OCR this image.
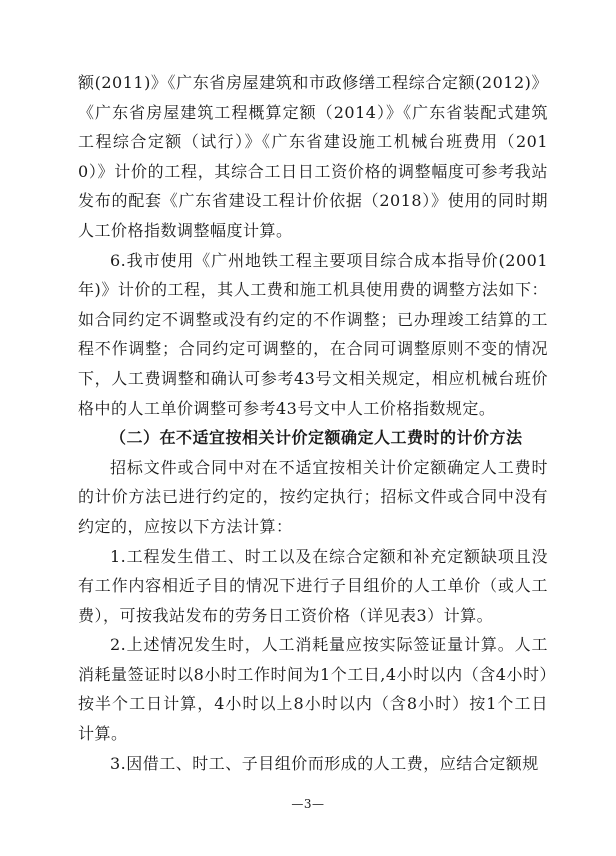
额(2011)》《广东省房屋建筑和市政修缮工程综合定额(2012)》《广东省房屋建筑工程概算定额（2014）》《广东省装配式建筑工程综合定额（试行）》《广东省建设施工机械台班费用（2010）》计价的工程，其综合工日日工资价格的调整幅度可参考我站发布的配套《广东省建设工程计价依据（2018）》使用的同时期人工价格指数调整幅度计算。

6.我市使用《广州地铁工程主要项目综合成本指导价(2001年)》计价的工程，其人工费和施工机具使用费的调整方法如下：如合同约定不调整或没有约定的不作调整；已办理竣工结算的工程不作调整；合同约定可调整的，在合同可调整原则不变的情况下，人工费调整和确认可参考43号文相关规定，相应机械台班价格中的人工单价调整可参考43号文中人工价格指数规定。

（二）在不适宜按相关计价定额确定人工费时的计价方法

招标文件或合同中对在不适宜按相关计价定额确定人工费时的计价方法已进行约定的，按约定执行；招标文件或合同中没有约定的，应按以下方法计算：

1.工程发生借工、时工以及在综合定额和补充定额缺项且没有工作内容相近子目的情况下进行子目组价的人工单价（或人工费），可按我站发布的劳务日工资价格（详见表3）计算。

2.上述情况发生时，人工消耗量应按实际签证量计算。人工消耗量签证时以8小时工作时间为1个工日,4小时以内（含4小时）按半个工日计算，4小时以上8小时以内（含8小时）按1个工日计算。

3.因借工、时工、子目组价而形成的人工费，应结合定额规

—3—
